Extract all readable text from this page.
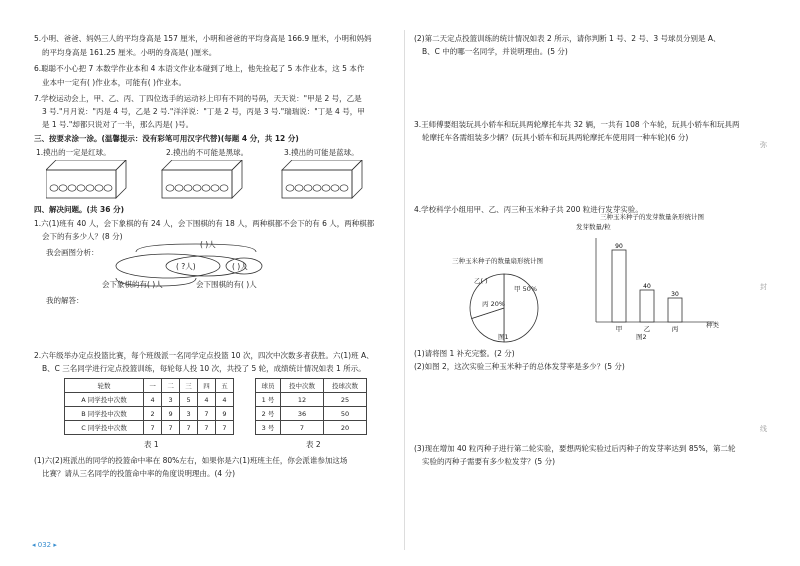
5.小明、爸爸、妈妈三人的平均身高是 157 厘米，小明和爸爸的平均身高是 166.9 厘米，小明和妈妈
的平均身高是 161.25 厘米。小明的身高是( )厘米。
6.聪聪不小心把 7 本数学作业本和 4 本语文作业本碰到了地上，他先捡起了 5 本作业本，这 5 本作
业本中一定有( )作业本，可能有( )作业本。
7.学校运动会上，甲、乙、丙、丁四位选手的运动衫上印有不同的号码，天天说："甲是 2 号，乙是
3 号."月月说："丙是 4 号，乙是 2 号."洋洋说："丁是 2 号，丙是 3 号."瑞瑞说："丁是 4 号，甲
是 1 号."却都只说对了一半，那么丙是( )号。
三、按要求涂一涂。(温馨提示：没有彩笔可用汉字代替)(每题 4 分，共 12 分)
1.摸出的一定是红球。	2.摸出的不可能是黑球。	3.摸出的可能是蓝球。
四、解决问题。(共 36 分)
1.六(1)班有 40 人，会下象棋的有 24 人，会下围棋的有 18 人，两种棋都不会下的有 6 人，两种棋都
会下的有多少人？(8 分)
我会画图分析：
( )人
( ?人)	( )人
会下象棋的有( )人	会下围棋的有( )人
我的解答：
2.六年级举办定点投篮比赛，每个班级派一名同学定点投篮 10 次，四次中次数多者获胜。六(1)班 A、
B、C 三名同学进行定点投篮训练，每轮每人投 10 次，共投了 5 轮，成绩统计情况如表 1 所示。
轮数	一	二	三	四	五
A 同学投中次数	4	3	5	4	4
B 同学投中次数	2	9	3	7	9
C 同学投中次数	7	7	7	7	7
表 1
球员	投中次数	投球次数
1 号	12	25
2 号	36	50
3 号	7	20
表 2
(1)六(2)班派出的同学的投篮命中率在 80%左右，如果你是六(1)班班主任，你会派谁参加这场
比赛？请从三名同学的投篮命中率的角度说明理由。(4 分)
◂ 032 ▸
(2)第二天定点投篮训练的统计情况如表 2 所示，请你判断 1 号、2 号、3 号球员分别是 A、
B、C 中的哪一名同学，并说明理由。(5 分)
3.王师傅要组装玩具小轿车和玩具两轮摩托车共 32 辆，一共有 108 个车轮，玩具小轿车和玩具两
轮摩托车各需组装多少辆？(玩具小轿车和玩具两轮摩托车使用同一种车轮)(6 分)
4.学校科学小组用甲、乙、丙三种玉米种子共 200 粒进行发芽实验。
三种玉米种子的数量扇形统计图
乙( )
甲 50%
丙 20%
图1
三种玉米种子的发芽数量条形统计图
发芽数量/粒
90
甲
40
乙
30
丙	种类
图2
(1)请将图 1 补充完整。(2 分)
(2)如图 2，这次实验三种玉米种子的总体发芽率是多少？(5 分)
(3)现在增加 40 粒丙种子进行第二轮实验，要想两轮实验过后丙种子的发芽率达到 85%，第二轮
实验的丙种子需要有多少粒发芽？(5 分)
弥
封
线
